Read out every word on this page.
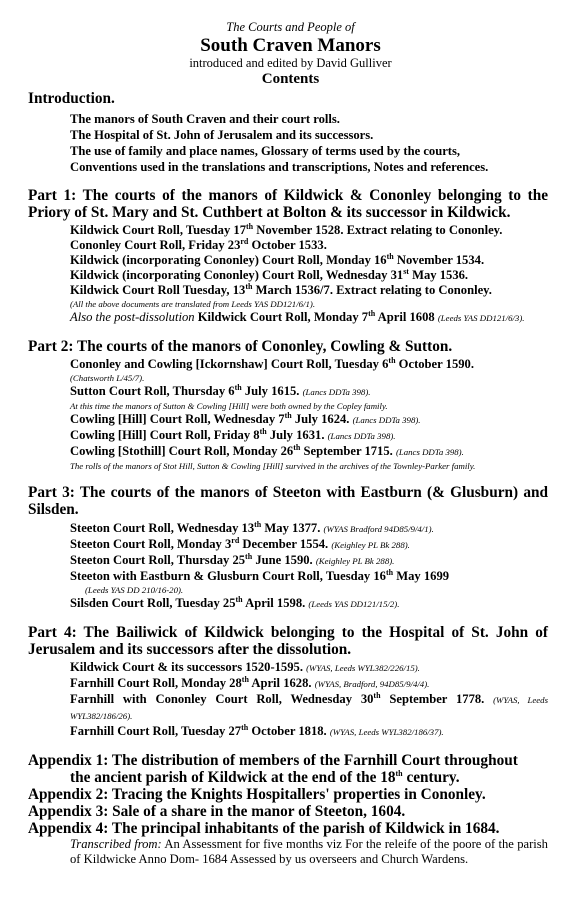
The Courts and People of
South Craven Manors
introduced and edited by David Gulliver
Contents
Introduction.
The manors of South Craven and their court rolls.
The Hospital of St. John of Jerusalem and its successors.
The use of family and place names, Glossary of terms used by the courts,
Conventions used in the translations and transcriptions, Notes and references.
Part 1: The courts of the manors of Kildwick & Cononley belonging to the Priory of St. Mary and St. Cuthbert at Bolton & its successor in Kildwick.
Kildwick Court Roll, Tuesday 17th November 1528. Extract relating to Cononley.
Cononley Court Roll, Friday 23rd October 1533.
Kildwick (incorporating Cononley) Court Roll, Monday 16th November 1534.
Kildwick (incorporating Cononley) Court Roll, Wednesday 31st May 1536.
Kildwick Court Roll Tuesday, 13th March 1536/7. Extract relating to Cononley.
(All the above documents are translated from Leeds YAS DD121/6/1).
Also the post-dissolution Kildwick Court Roll, Monday 7th April 1608 (Leeds YAS DD121/6/3).
Part 2: The courts of the manors of Cononley, Cowling & Sutton.
Cononley and Cowling [Ickornshaw] Court Roll, Tuesday 6th October 1590.
(Chatsworth L/45/7).
Sutton Court Roll, Thursday 6th July 1615. (Lancs DDTa 398).
At this time the manors of Sutton & Cowling [Hill] were both owned by the Copley family.
Cowling [Hill] Court Roll, Wednesday 7th July 1624. (Lancs DDTa 398).
Cowling [Hill] Court Roll, Friday 8th July 1631. (Lancs DDTa 398).
Cowling [Stothill] Court Roll, Monday 26th September 1715. (Lancs DDTa 398).
The rolls of the manors of Stot Hill, Sutton & Cowling [Hill] survived in the archives of the Townley-Parker family.
Part 3: The courts of the manors of Steeton with Eastburn (& Glusburn) and Silsden.
Steeton Court Roll, Wednesday 13th May 1377. (WYAS Bradford 94D85/9/4/1).
Steeton Court Roll, Monday 3rd December 1554. (Keighley PL Bk 288).
Steeton Court Roll, Thursday 25th June 1590. (Keighley PL Bk 288).
Steeton with Eastburn & Glusburn Court Roll, Tuesday 16th May 1699
(Leeds YAS DD 210/16-20).
Silsden Court Roll, Tuesday 25th April 1598. (Leeds YAS DD121/15/2).
Part 4: The Bailiwick of Kildwick belonging to the Hospital of St. John of Jerusalem and its successors after the dissolution.
Kildwick Court & its successors 1520-1595. (WYAS, Leeds WYL382/226/15).
Farnhill Court Roll, Monday 28th April 1628. (WYAS, Bradford, 94D85/9/4/4).
Farnhill with Cononley Court Roll, Wednesday 30th September 1778. (WYAS, Leeds WYL382/186/26).
Farnhill Court Roll, Tuesday 27th October 1818. (WYAS, Leeds WYL382/186/37).
Appendix 1: The distribution of members of the Farnhill Court throughout
the ancient parish of Kildwick at the end of the 18th century.
Appendix 2: Tracing the Knights Hospitallers' properties in Cononley.
Appendix 3: Sale of a share in the manor of Steeton, 1604.
Appendix 4: The principal inhabitants of the parish of Kildwick in 1684.
Transcribed from: An Assessment for five months viz For the releife of the poore of the parish of Kildwicke Anno Dom- 1684 Assessed by us overseers and Church Wardens.
